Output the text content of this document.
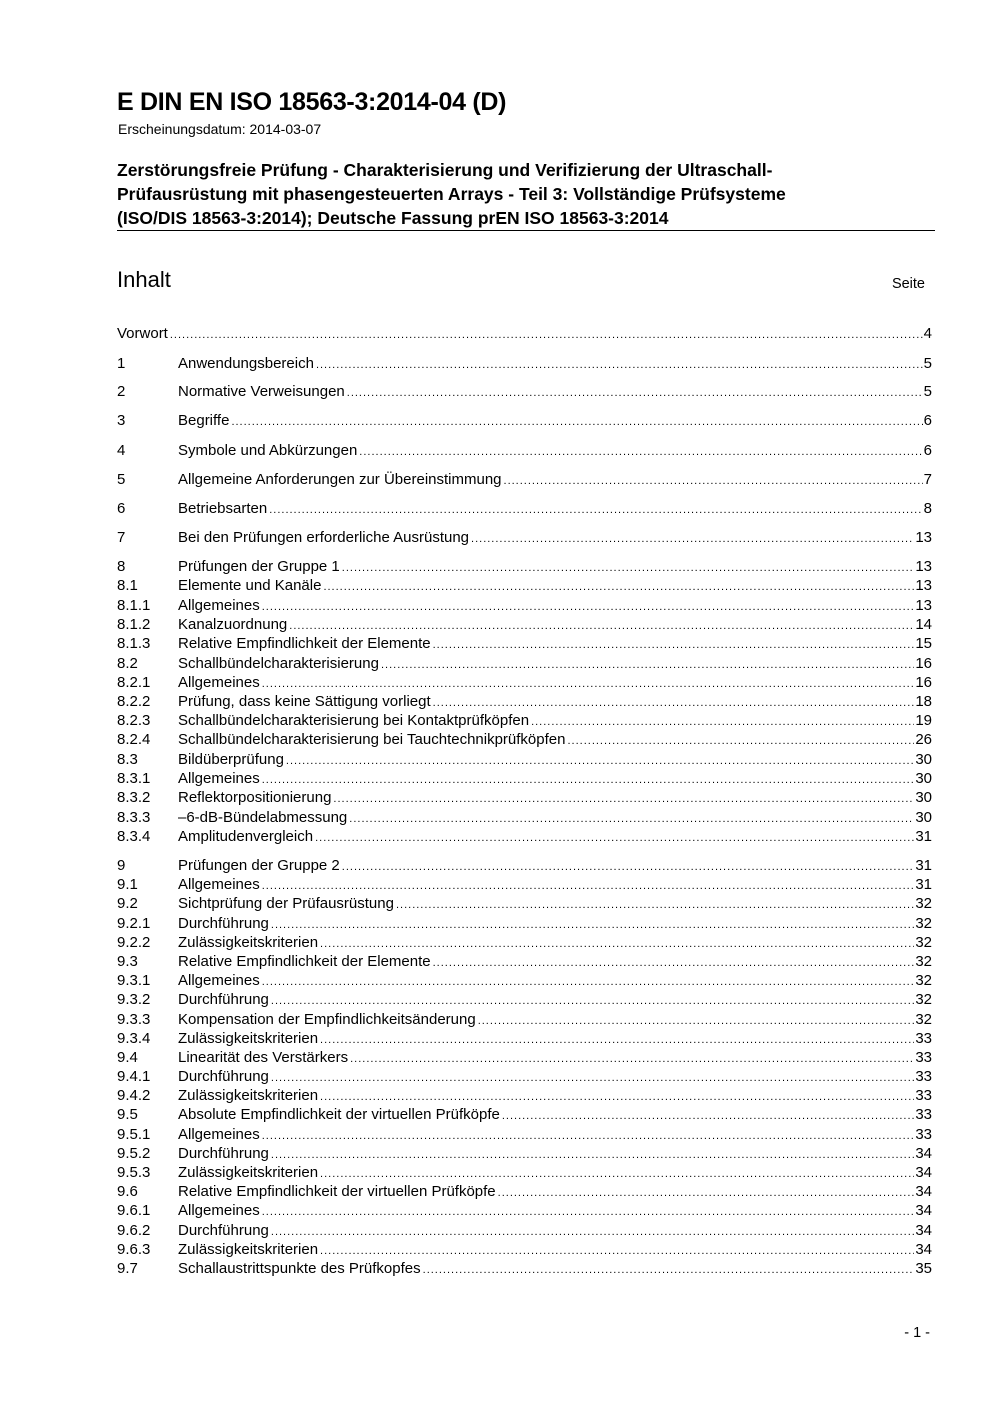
E DIN EN ISO 18563-3:2014-04 (D)
Erscheinungsdatum: 2014-03-07
Zerstörungsfreie Prüfung - Charakterisierung und Verifizierung der Ultraschall-
Prüfausrüstung mit phasengesteuerten Arrays - Teil 3: Vollständige Prüfsysteme
(ISO/DIS 18563-3:2014); Deutsche Fassung prEN ISO 18563-3:2014
Inhalt	Seite
Vorwort .....	4
1	Anwendungsbereich .....	5
2	Normative Verweisungen .....	5
3	Begriffe .....	6
4	Symbole und Abkürzungen .....	6
5	Allgemeine Anforderungen zur Übereinstimmung .....	7
6	Betriebsarten .....	8
7	Bei den Prüfungen erforderliche Ausrüstung .....	13
8	Prüfungen der Gruppe 1 .....	13
8.1	Elemente und Kanäle .....	13
8.1.1 Allgemeines .....	13
8.1.2 Kanalzuordnung .....	14
8.1.3 Relative Empfindlichkeit der Elemente .....	15
8.2	Schallbündelcharakterisierung .....	16
8.2.1 Allgemeines .....	16
8.2.2 Prüfung, dass keine Sättigung vorliegt .....	18
8.2.3 Schallbündelcharakterisierung bei Kontaktprüfköpfen .....	19
8.2.4 Schallbündelcharakterisierung bei Tauchtechnikprüfköpfen .....	26
8.3	Bildüberprüfung .....	30
8.3.1 Allgemeines .....	30
8.3.2 Reflektorpositionierung .....	30
8.3.3 –6-dB-Bündelabmessung .....	30
8.3.4 Amplitudenvergleich .....	31
9	Prüfungen der Gruppe 2 .....	31
9.1	Allgemeines .....	31
9.2	Sichtprüfung der Prüfausrüstung .....	32
9.2.1 Durchführung .....	32
9.2.2 Zulässigkeitskriterien .....	32
9.3	Relative Empfindlichkeit der Elemente .....	32
9.3.1 Allgemeines .....	32
9.3.2 Durchführung .....	32
9.3.3 Kompensation der Empfindlichkeitsänderung .....	32
9.3.4 Zulässigkeitskriterien .....	33
9.4	Linearität des Verstärkers .....	33
9.4.1 Durchführung .....	33
9.4.2 Zulässigkeitskriterien .....	33
9.5	Absolute Empfindlichkeit der virtuellen Prüfköpfe .....	33
9.5.1 Allgemeines .....	33
9.5.2 Durchführung .....	34
9.5.3 Zulässigkeitskriterien .....	34
9.6	Relative Empfindlichkeit der virtuellen Prüfköpfe .....	34
9.6.1 Allgemeines .....	34
9.6.2 Durchführung .....	34
9.6.3 Zulässigkeitskriterien .....	34
9.7	Schallaustrittspunkte des Prüfkopfes .....	35
- 1 -
